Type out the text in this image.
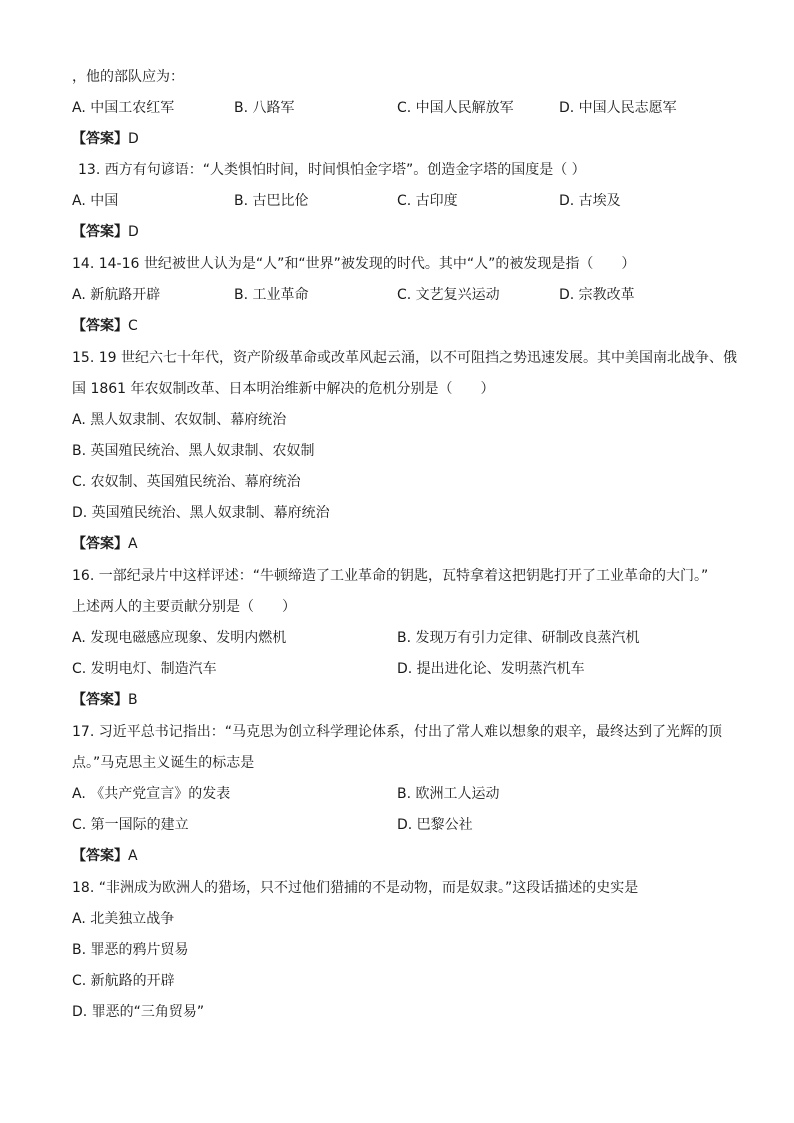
，他的部队应为：
A. 中国工农红军	B. 八路军	C. 中国人民解放军	D. 中国人民志愿军
【答案】D
13. 西方有句谚语：“人类惧怕时间，时间惧怕金字塔”。创造金字塔的国度是（ ）
A. 中国	B. 古巴比伦	C. 古印度	D. 古埃及
【答案】D
14. 14-16 世纪被世人认为是“人”和“世界”被发现的时代。其中“人”的被发现是指（　　）
A. 新航路开辟	B. 工业革命	C. 文艺复兴运动	D. 宗教改革
【答案】C
15. 19 世纪六七十年代，资产阶级革命或改革风起云涌，以不可阻挡之势迅速发展。其中美国南北战争、俄
国 1861 年农奴制改革、日本明治维新中解决的危机分别是（　　）
A. 黑人奴隶制、农奴制、幕府统治
B. 英国殖民统治、黑人奴隶制、农奴制
C. 农奴制、英国殖民统治、幕府统治
D. 英国殖民统治、黑人奴隶制、幕府统治
【答案】A
16. 一部纪录片中这样评述：“牛顿缔造了工业革命的钥匙，瓦特拿着这把钥匙打开了工业革命的大门。”
上述两人的主要贡献分别是（　　）
A. 发现电磁感应现象、发明内燃机	B. 发现万有引力定律、研制改良蒸汽机
C. 发明电灯、制造汽车	D. 提出进化论、发明蒸汽机车
【答案】B
17. 习近平总书记指出：“马克思为创立科学理论体系，付出了常人难以想象的艰辛，最终达到了光辉的顶
点。”马克思主义诞生的标志是
A. 《共产党宣言》的发表	B. 欧洲工人运动
C. 第一国际的建立	D. 巴黎公社
【答案】A
18. “非洲成为欧洲人的猎场，只不过他们猎捕的不是动物，而是奴隶。”这段话描述的史实是
A. 北美独立战争
B. 罪恶的鸦片贸易
C. 新航路的开辟
D. 罪恶的“三角贸易”
